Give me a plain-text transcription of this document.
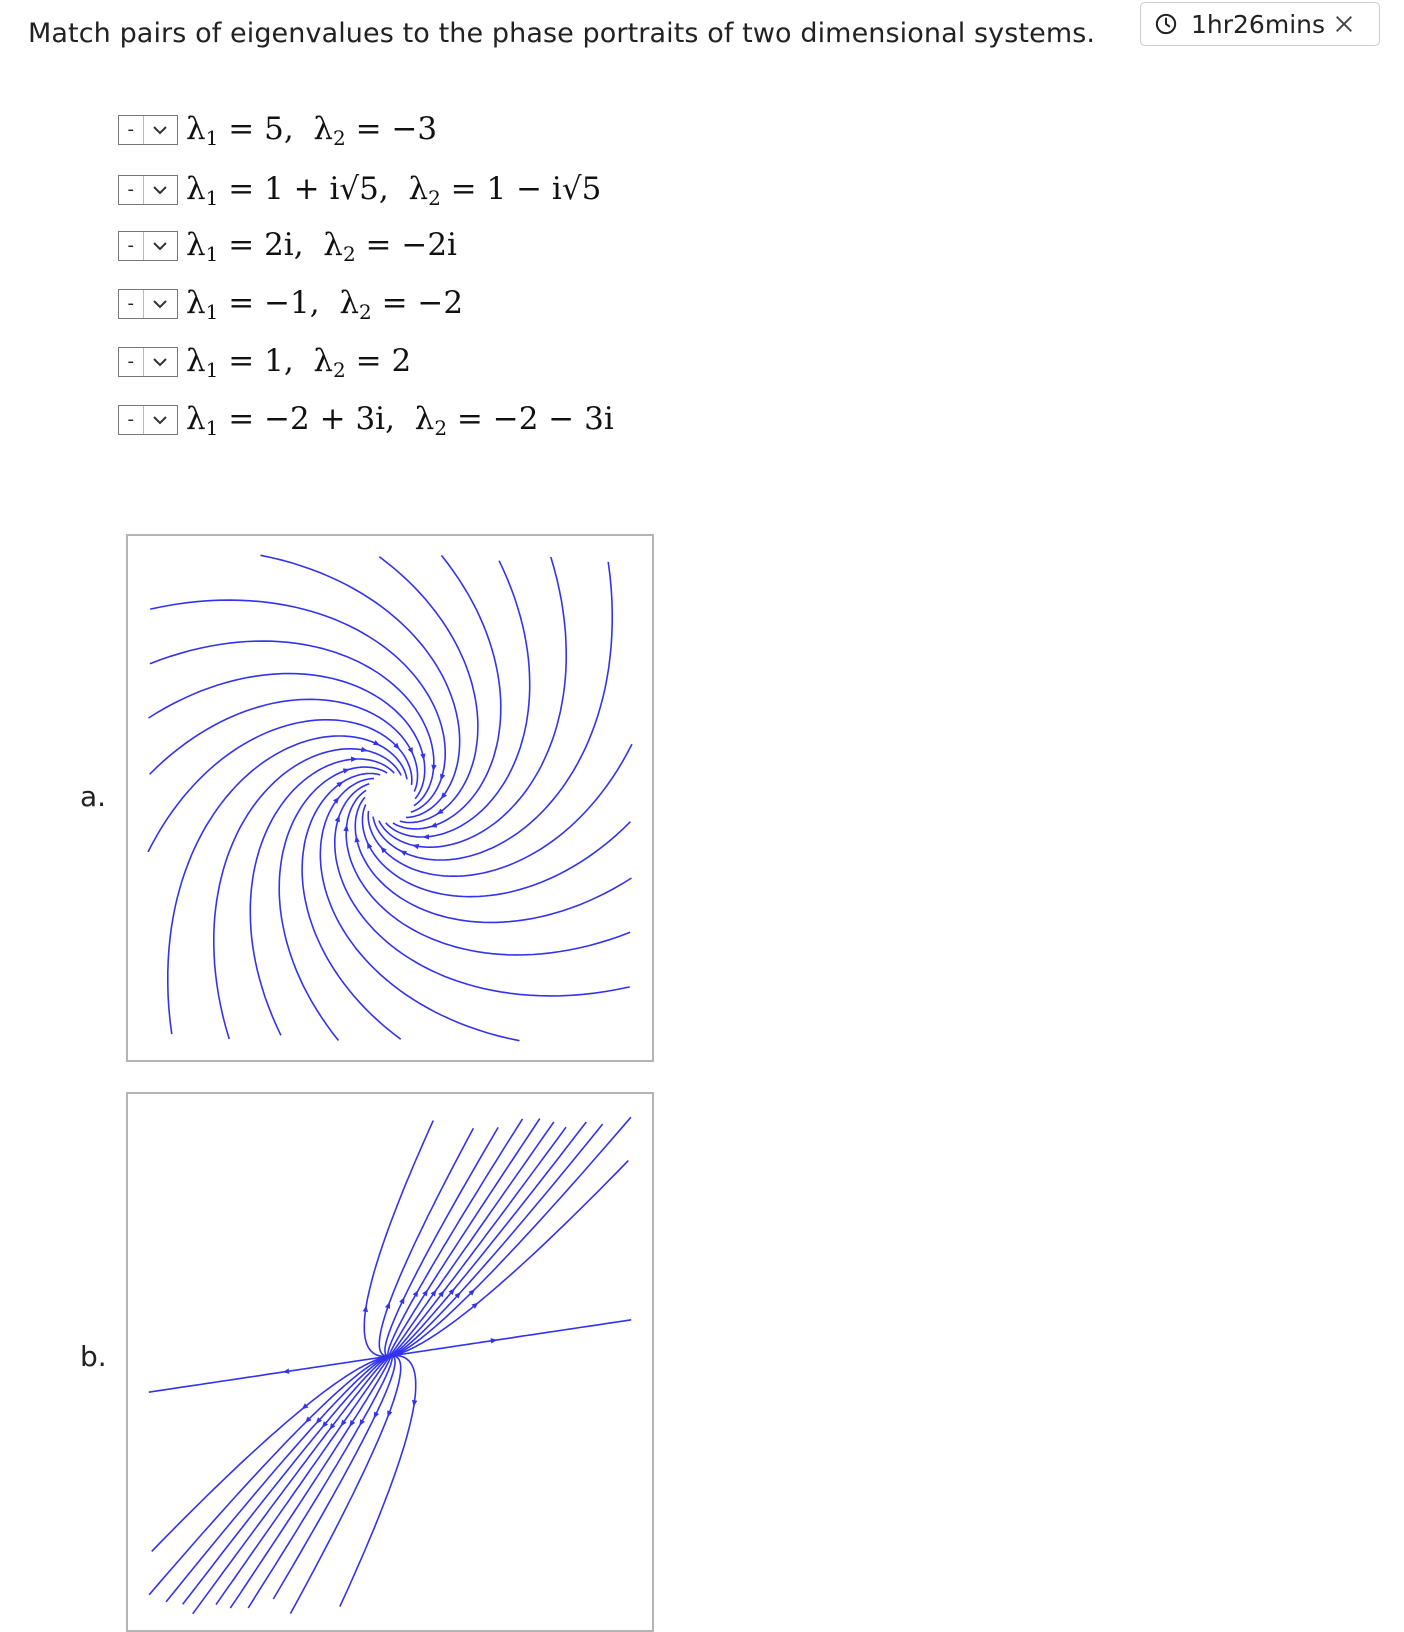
Match pairs of eigenvalues to the phase portraits of two dimensional systems.	1hr26mins
-	$\lambda_1 = 5$,  $\lambda_2 = -3$
-	$\lambda_1 = 1 + i√5$,  $\lambda_2 = 1 - i√5$
-	$\lambda_1 = 2i$,  $\lambda_2 = -2i$
-	$\lambda_1 = -1$,  $\lambda_2 = -2$
-	$\lambda_1 = 1$,  $\lambda_2 = 2$
-	$\lambda_1 = -2 + 3i$,  $\lambda_2 = -2 - 3i$
a.
b.
